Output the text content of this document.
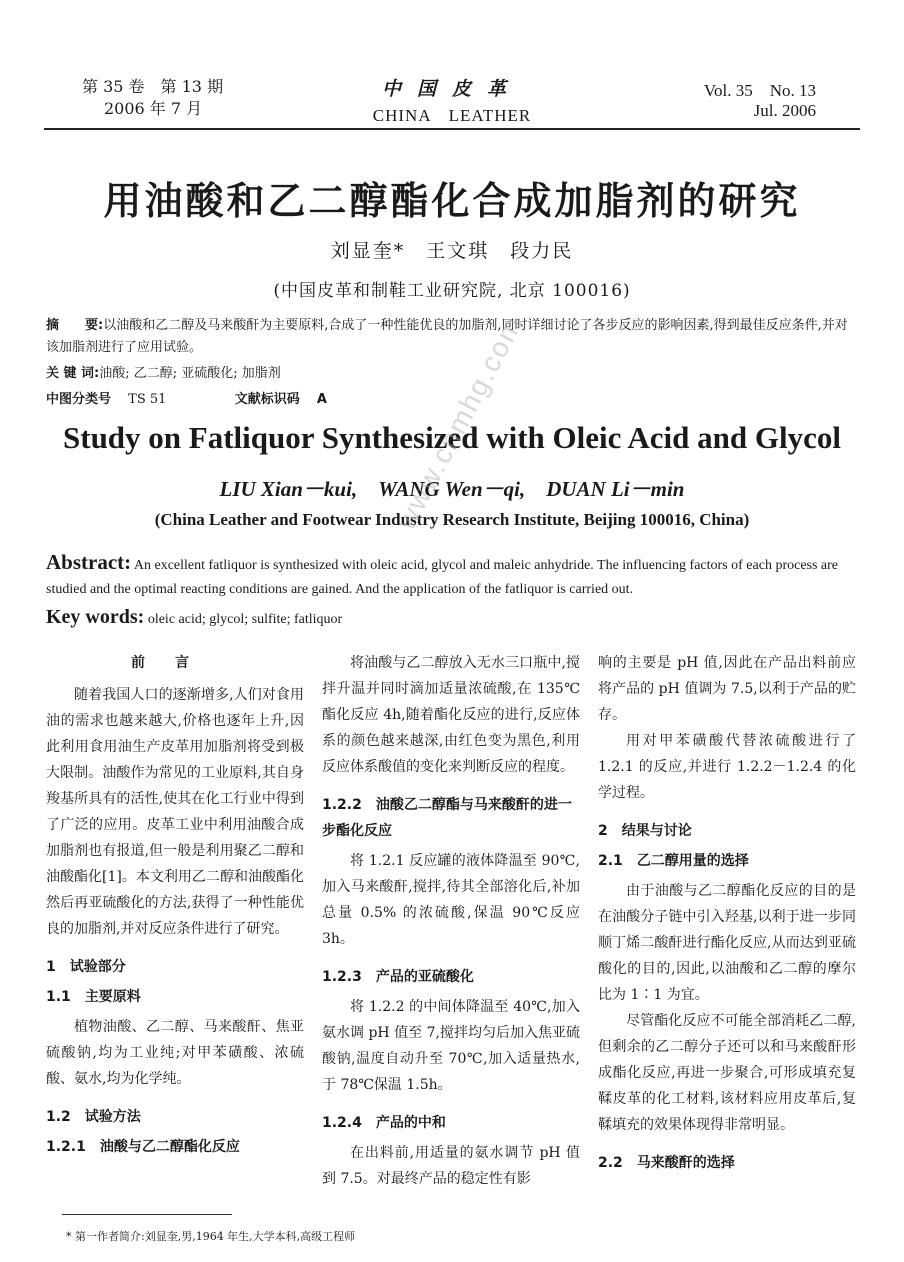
第 35 卷　第 13 期
2006 年 7 月
中国皮革
CHINA　LEATHER
Vol. 35　No. 13
Jul. 2006
用油酸和乙二醇酯化合成加脂剂的研究
刘显奎*　王文琪　段力民
(中国皮革和制鞋工业研究院, 北京 100016)
摘　　要:以油酸和乙二醇及马来酸酐为主要原料,合成了一种性能优良的加脂剂,同时详细讨论了各步反应的影响因素,得到最佳反应条件,并对该加脂剂进行了应用试验。
关 键 词:油酸; 乙二醇; 亚硫酸化; 加脂剂
中图分类号　 TS 51	文献标识码　 A
Study on Fatliquor Synthesized with Oleic Acid and Glycol
LIU Xian－kui,　WANG Wen－qi,　DUAN Li－min
(China Leather and Footwear Industry Research Institute, Beijing 100016, China)
Abstract: An excellent fatliquor is synthesized with oleic acid, glycol and maleic anhydride. The influencing factors of each process are studied and the optimal reacting conditions are gained. And the application of the fatliquor is carried out.
Key words: oleic acid; glycol; sulfite; fatliquor
前言

随着我国人口的逐渐增多,人们对食用油的需求也越来越大,价格也逐年上升,因此利用食用油生产皮革用加脂剂将受到极大限制。油酸作为常见的工业原料,其自身羧基所具有的活性,使其在化工行业中得到了广泛的应用。皮革工业中利用油酸合成加脂剂也有报道,但一般是利用聚乙二醇和油酸酯化[1]。本文利用乙二醇和油酸酯化然后再亚硫酸化的方法,获得了一种性能优良的加脂剂,并对反应条件进行了研究。

1　试验部分
1.1　主要原料

植物油酸、乙二醇、马来酸酐、焦亚硫酸钠,均为工业纯;对甲苯磺酸、浓硫酸、氨水,均为化学纯。

1.2　试验方法
1.2.1　油酸与乙二醇酯化反应

将油酸与乙二醇放入无水三口瓶中,搅拌升温并同时滴加适量浓硫酸,在 135℃酯化反应 4h,随着酯化反应的进行,反应体系的颜色越来越深,由红色变为黑色,利用反应体系酸值的变化来判断反应的程度。

1.2.2　油酸乙二醇酯与马来酸酐的进一步酯化反应

将 1.2.1 反应罐的液体降温至 90℃,加入马来酸酐,搅拌,待其全部溶化后,补加总量 0.5% 的浓硫酸,保温 90℃反应 3h。

1.2.3　产品的亚硫酸化

将 1.2.2 的中间体降温至 40℃,加入氨水调 pH 值至 7,搅拌均匀后加入焦亚硫酸钠,温度自动升至 70℃,加入适量热水,于 78℃保温 1.5h。

1.2.4　产品的中和

在出料前,用适量的氨水调节 pH 值到 7.5。对最终产品的稳定性有影

响的主要是 pH 值,因此在产品出料前应将产品的 pH 值调为 7.5,以利于产品的贮存。

用对甲苯磺酸代替浓硫酸进行了 1.2.1 的反应,并进行 1.2.2－1.2.4 的化学过程。

2　结果与讨论
2.1　乙二醇用量的选择

由于油酸与乙二醇酯化反应的目的是在油酸分子链中引入羟基,以利于进一步同顺丁烯二酸酐进行酯化反应,从而达到亚硫酸化的目的,因此,以油酸和乙二醇的摩尔比为 1∶1 为宜。

尽管酯化反应不可能全部消耗乙二醇,但剩余的乙二醇分子还可以和马来酸酐形成酯化反应,再进一步聚合,可形成填充复鞣皮革的化工材料,该材料应用皮革后,复鞣填充的效果体现得非常明显。

2.2　马来酸酐的选择
* 第一作者简介:刘显奎,男,1964 年生,大学本科,高级工程师
www.cnmhg.com
